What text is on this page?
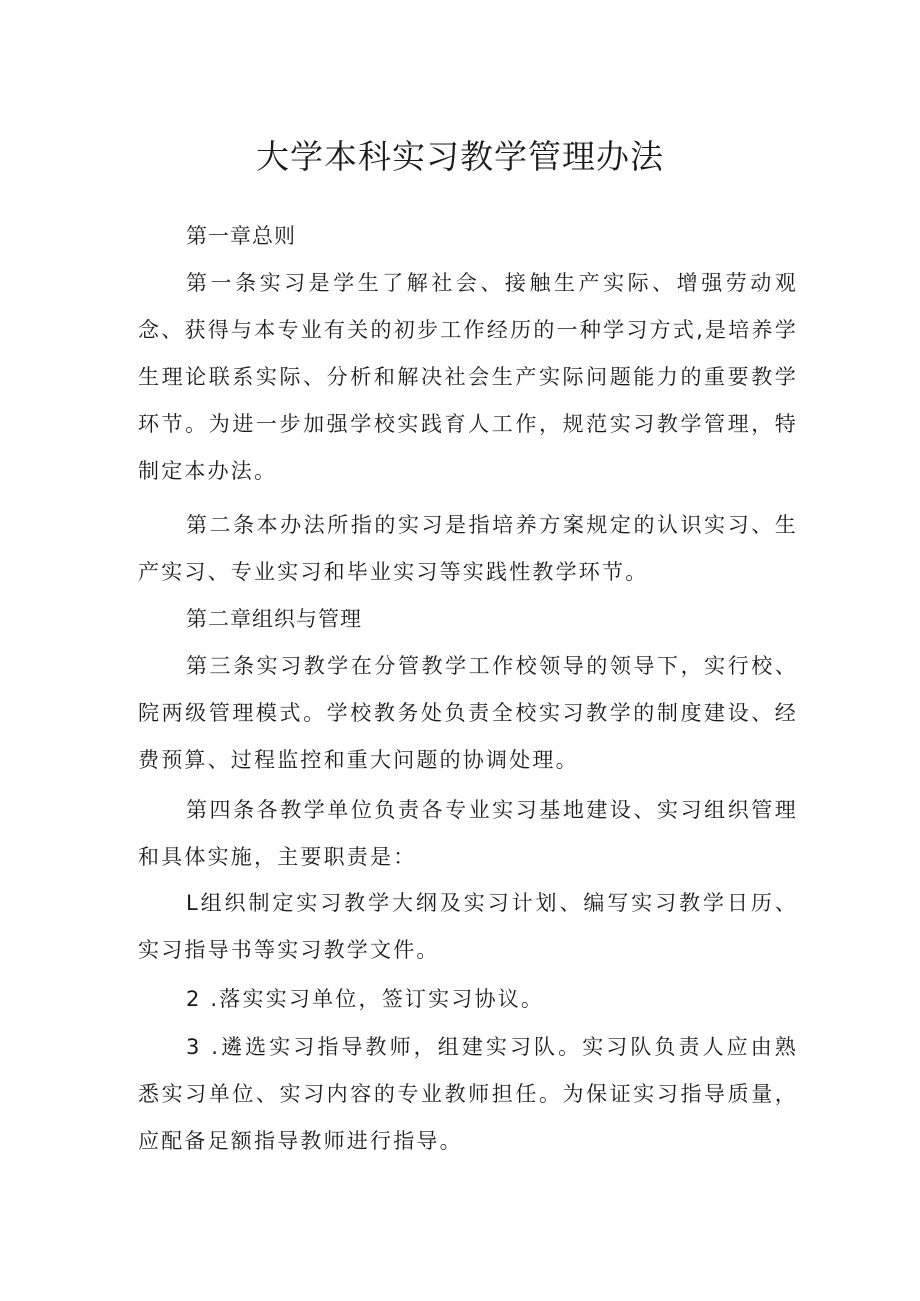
大学本科实习教学管理办法

第一章总则

第一条实习是学生了解社会、接触生产实际、增强劳动观念、获得与本专业有关的初步工作经历的一种学习方式,是培养学生理论联系实际、分析和解决社会生产实际问题能力的重要教学环节。为进一步加强学校实践育人工作，规范实习教学管理，特制定本办法。

第二条本办法所指的实习是指培养方案规定的认识实习、生产实习、专业实习和毕业实习等实践性教学环节。

第二章组织与管理

第三条实习教学在分管教学工作校领导的领导下，实行校、院两级管理模式。学校教务处负责全校实习教学的制度建设、经费预算、过程监控和重大问题的协调处理。

第四条各教学单位负责各专业实习基地建设、实习组织管理和具体实施，主要职责是：

L组织制定实习教学大纲及实习计划、编写实习教学日历、实习指导书等实习教学文件。

2 .落实实习单位，签订实习协议。

3 .遴选实习指导教师，组建实习队。实习队负责人应由熟悉实习单位、实习内容的专业教师担任。为保证实习指导质量，应配备足额指导教师进行指导。
